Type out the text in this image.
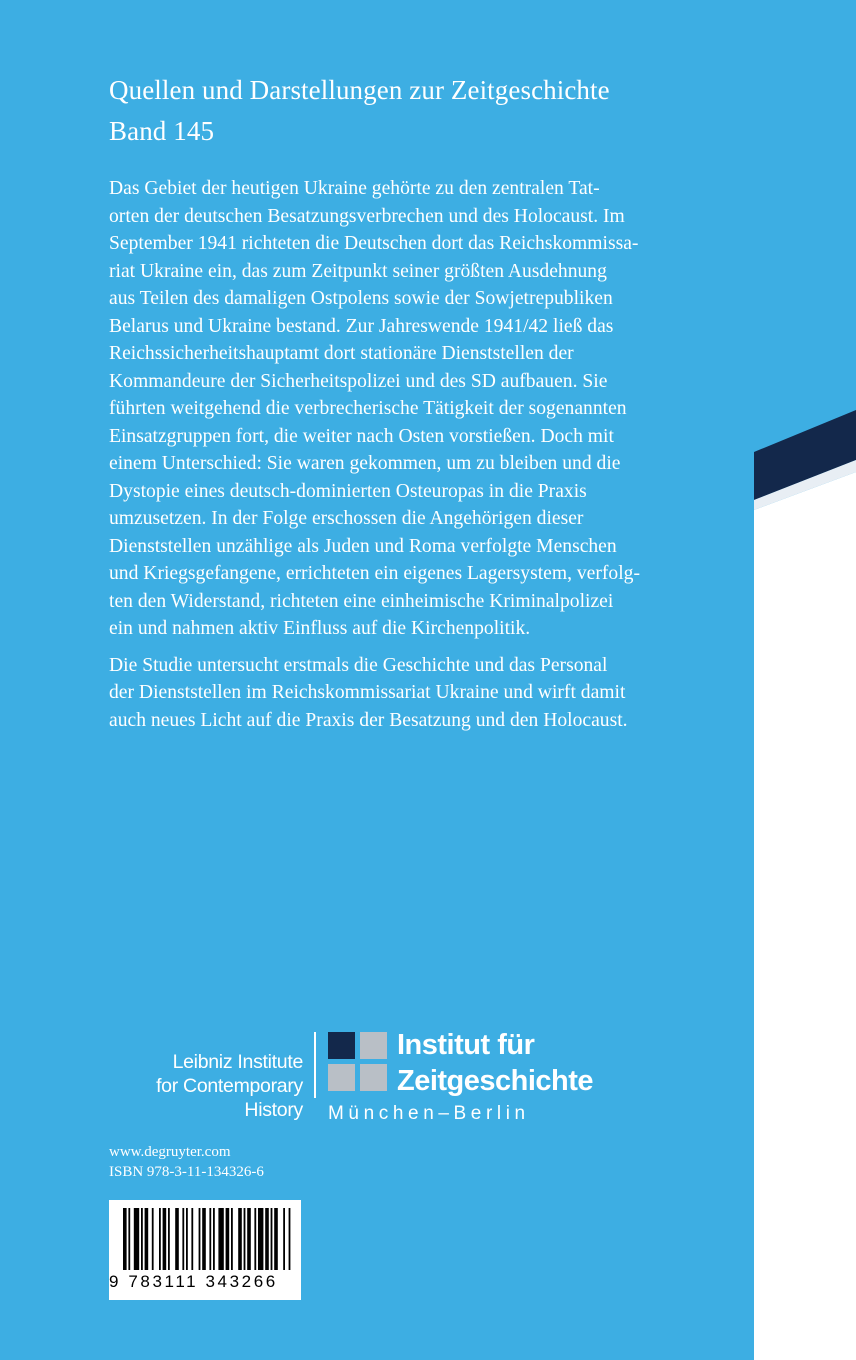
Quellen und Darstellungen zur Zeitgeschichte
Band 145
Das Gebiet der heutigen Ukraine gehörte zu den zentralen Tat-
orten der deutschen Besatzungsverbrechen und des Holocaust. Im
September 1941 richteten die Deutschen dort das Reichskommissa-
riat Ukraine ein, das zum Zeitpunkt seiner größten Ausdehnung
aus Teilen des damaligen Ostpolens sowie der Sowjetrepubliken
Belarus und Ukraine bestand. Zur Jahreswende 1941/42 ließ das
Reichssicherheitshauptamt dort stationäre Dienststellen der
Kommandeure der Sicherheitspolizei und des SD aufbauen. Sie
führten weitgehend die verbrecherische Tätigkeit der sogenannten
Einsatzgruppen fort, die weiter nach Osten vorstießen. Doch mit
einem Unterschied: Sie waren gekommen, um zu bleiben und die
Dystopie eines deutsch-dominierten Osteuropas in die Praxis
umzusetzen. In der Folge erschossen die Angehörigen dieser
Dienststellen unzählige als Juden und Roma verfolgte Menschen
und Kriegsgefangene, errichteten ein eigenes Lagersystem, verfolg-
ten den Widerstand, richteten eine einheimische Kriminalpolizei
ein und nahmen aktiv Einfluss auf die Kirchenpolitik.
Die Studie untersucht erstmals die Geschichte und das Personal
der Dienststellen im Reichskommissariat Ukraine und wirft damit
auch neues Licht auf die Praxis der Besatzung und den Holocaust.
Leibniz Institute
for Contemporary History
Institut für
Zeitgeschichte
München–Berlin
www.degruyter.com
ISBN 978-3-11-134326-6
9 783111 343266
